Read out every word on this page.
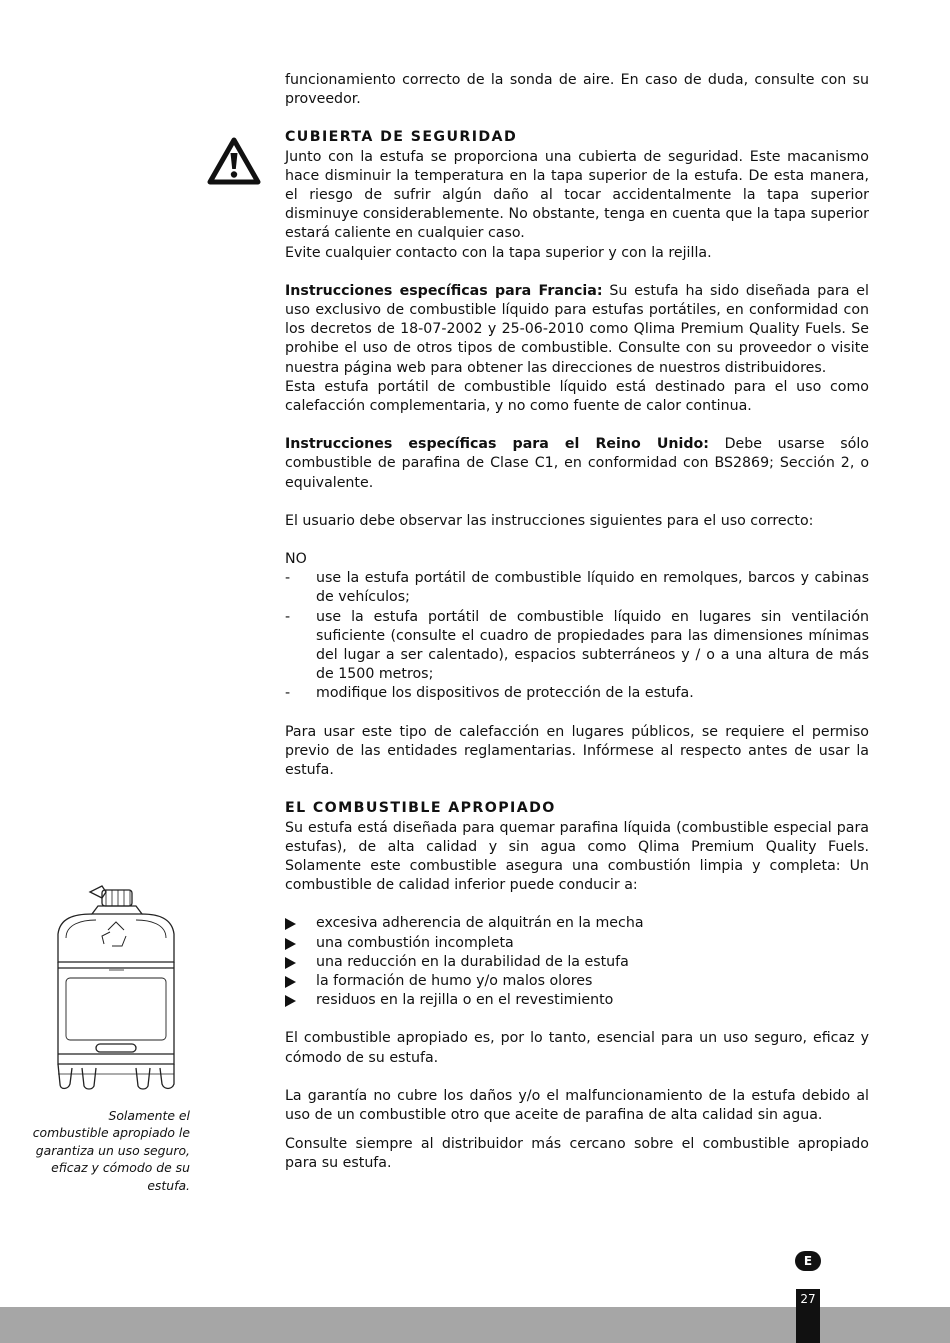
Solamente el combustible apropiado le garantiza un uso seguro, eficaz y cómodo de su estufa.

funcionamiento correcto de la sonda de aire. En caso de duda, consulte con su proveedor.

CUBIERTA DE SEGURIDAD

Junto con la estufa se proporciona una cubierta de seguridad. Este macanismo hace disminuir la temperatura en la tapa superior de la estufa. De esta manera, el riesgo de sufrir algún daño al tocar accidentalmente la tapa superior disminuye considerablemente. No obstante, tenga en cuenta que la tapa superior estará caliente en cualquier caso.

Evite cualquier contacto con la tapa superior y con la rejilla.

Instrucciones específicas para Francia: Su estufa ha sido diseñada para el uso exclusivo de combustible líquido para estufas portátiles, en conformidad con los decretos de 18-07-2002 y 25-06-2010 como Qlima Premium Quality Fuels. Se prohibe el uso de otros tipos de combustible. Consulte con su proveedor o visite nuestra página web para obtener las direcciones de nuestros distribuidores.

Esta estufa portátil de combustible líquido está destinado para el uso como calefacción complementaria, y no como fuente de calor continua.

Instrucciones específicas para el Reino Unido: Debe usarse sólo combustible de parafina de Clase C1, en conformidad con BS2869; Sección 2, o equivalente.

El usuario debe observar las instrucciones siguientes para el uso correcto:

NO

- use la estufa portátil de combustible líquido en remolques, barcos y cabinas de vehículos;
- use la estufa portátil de combustible líquido en lugares sin ventilación suficiente (consulte el cuadro de propiedades para las dimensiones mínimas del lugar a ser calentado), espacios subterráneos y / o a una altura de más de 1500 metros;
- modifique los dispositivos de protección de la estufa.

Para usar este tipo de calefacción en lugares públicos, se requiere el permiso previo de las entidades reglamentarias. Infórmese al respecto antes de usar la estufa.

EL COMBUSTIBLE APROPIADO

Su estufa está diseñada para quemar parafina líquida (combustible especial para estufas), de alta calidad y sin agua como Qlima Premium Quality Fuels. Solamente este combustible asegura una combustión limpia y completa: Un combustible de calidad inferior puede conducir a:

excesiva adherencia de alquitrán en la mecha
una combustión incompleta
una reducción en la durabilidad de la estufa
la formación de humo y/o malos olores
residuos en la rejilla o en el revestimiento

El combustible apropiado es, por lo tanto, esencial para un uso seguro, eficaz y cómodo de su estufa.

La garantía no cubre los daños y/o el malfuncionamiento de la estufa debido al uso de un combustible otro que aceite de parafina de alta calidad sin agua.

Consulte siempre al distribuidor más cercano sobre el combustible apropiado para su estufa.

E
27
